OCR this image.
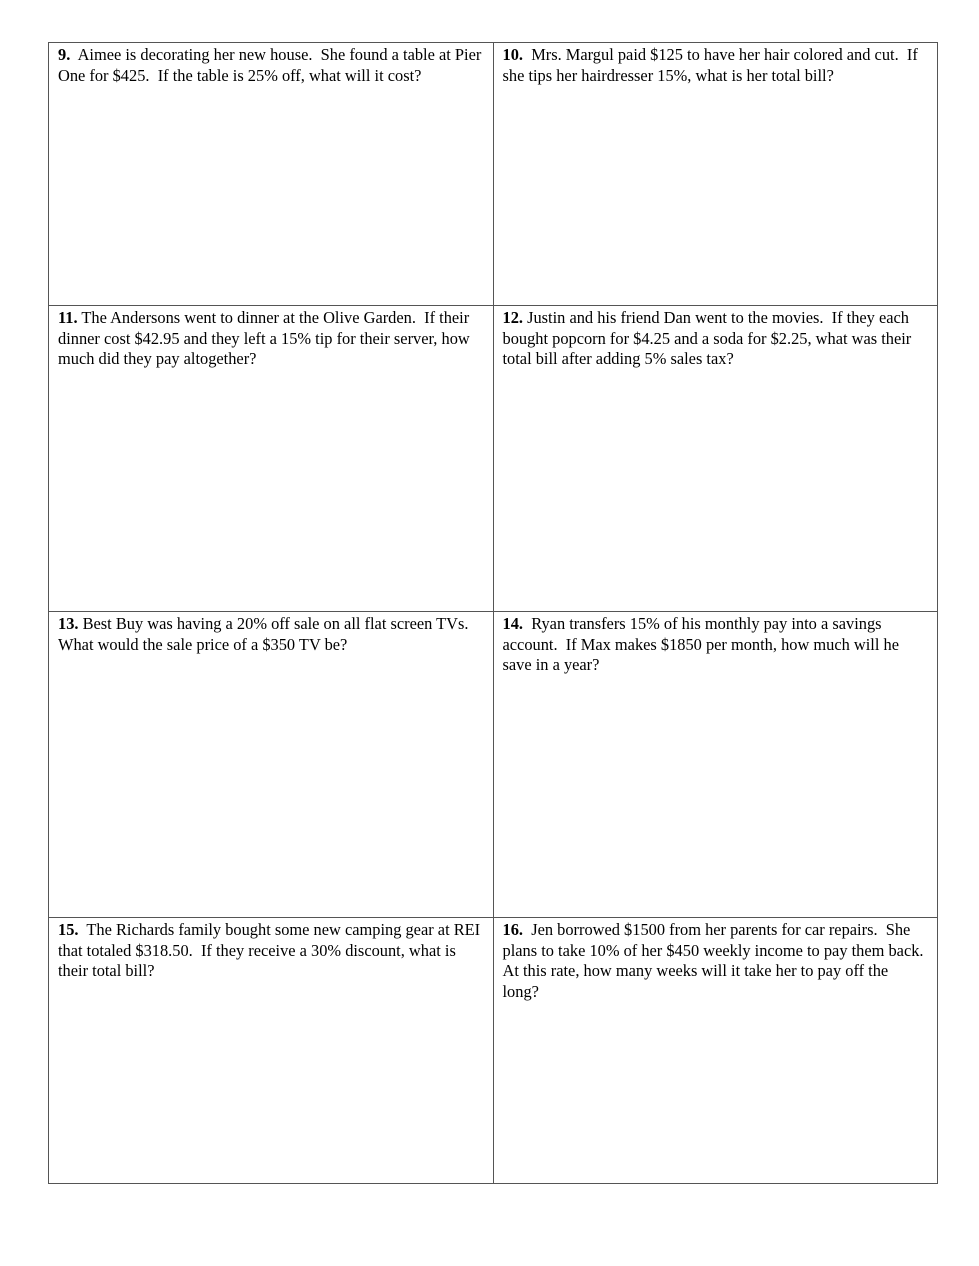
9.  Aimee is decorating her new house.  She found a table at Pier One for $425.  If the table is 25% off, what will it cost?	10.  Mrs. Margul paid $125 to have her hair colored and cut.  If she tips her hairdresser 15%, what is her total bill?
11. The Andersons went to dinner at the Olive Garden.  If their dinner cost $42.95 and they left a 15% tip for their server, how much did they pay altogether?	12. Justin and his friend Dan went to the movies.  If they each bought popcorn for $4.25 and a soda for $2.25, what was their total bill after adding 5% sales tax?
13. Best Buy was having a 20% off sale on all flat screen TVs.  What would the sale price of a $350 TV be?	14.  Ryan transfers 15% of his monthly pay into a savings account.  If Max makes $1850 per month, how much will he save in a year?
15.  The Richards family bought some new camping gear at REI that totaled $318.50.  If they receive a 30% discount, what is their total bill?	16.  Jen borrowed $1500 from her parents for car repairs.  She plans to take 10% of her $450 weekly income to pay them back.  At this rate, how many weeks will it take her to pay off the long?
